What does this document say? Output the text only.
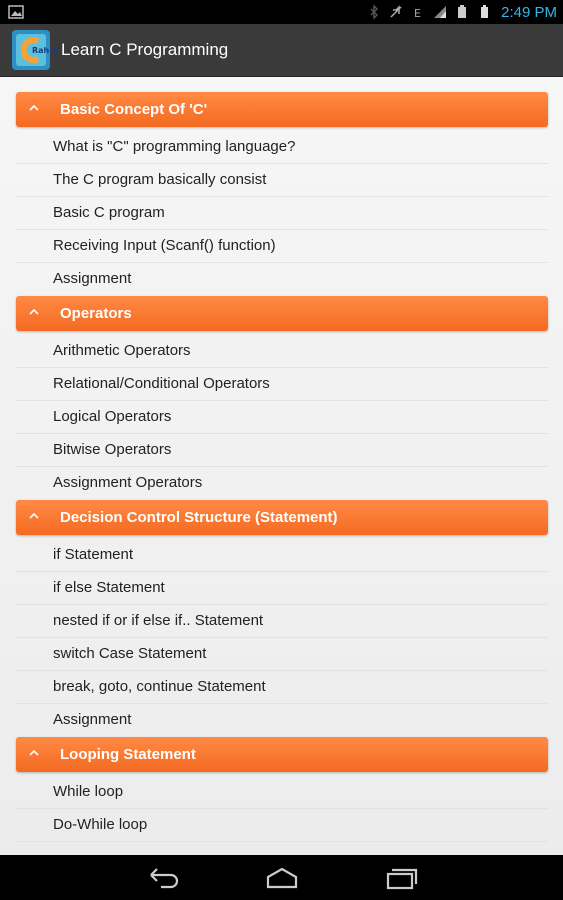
E	2:49 PM
Rahul Learn C Programming
Basic Concept Of 'C'
What is "C" programming language?
The C program basically consist
Basic C program
Receiving Input (Scanf() function)
Assignment
Operators
Arithmetic Operators
Relational/Conditional Operators
Logical Operators
Bitwise Operators
Assignment Operators
Decision Control Structure (Statement)
if Statement
if else Statement
nested if or if else if.. Statement
switch Case Statement
break, goto, continue Statement
Assignment
Looping Statement
While loop
Do-While loop
